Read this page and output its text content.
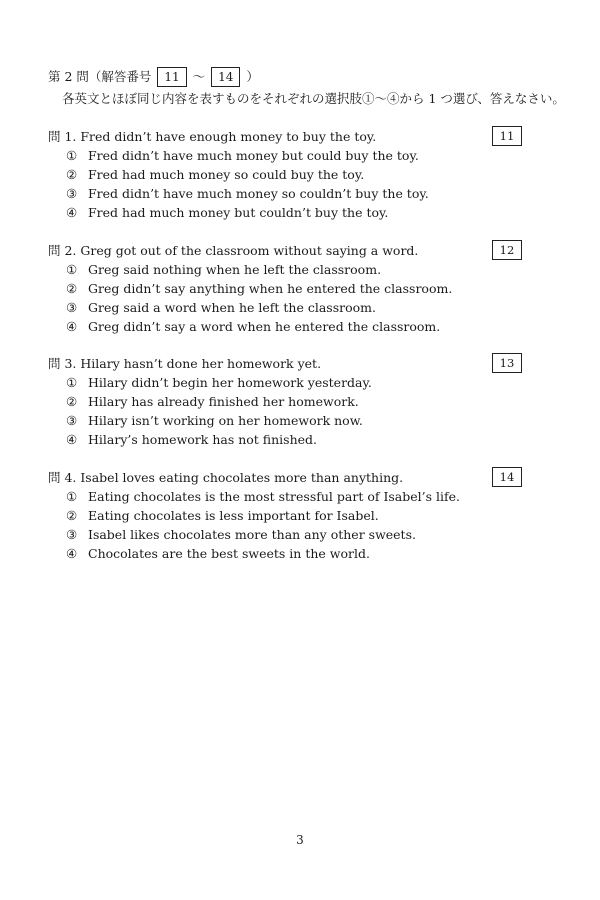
第 2 問（解答番号 11 ～ 14 ）
各英文とほぼ同じ内容を表すものをそれぞれの選択肢①～④から 1 つ選び、答えなさい。
問 1. Fred didn’t have enough money to buy the toy.	11
① Fred didn’t have much money but could buy the toy.
② Fred had much money so could buy the toy.
③ Fred didn’t have much money so couldn’t buy the toy.
④ Fred had much money but couldn’t buy the toy.
問 2. Greg got out of the classroom without saying a word.	12
① Greg said nothing when he left the classroom.
② Greg didn’t say anything when he entered the classroom.
③ Greg said a word when he left the classroom.
④ Greg didn’t say a word when he entered the classroom.
問 3. Hilary hasn’t done her homework yet.	13
① Hilary didn’t begin her homework yesterday.
② Hilary has already finished her homework.
③ Hilary isn’t working on her homework now.
④ Hilary’s homework has not finished.
問 4. Isabel loves eating chocolates more than anything.	14
① Eating chocolates is the most stressful part of Isabel’s life.
② Eating chocolates is less important for Isabel.
③ Isabel likes chocolates more than any other sweets.
④ Chocolates are the best sweets in the world.
3
